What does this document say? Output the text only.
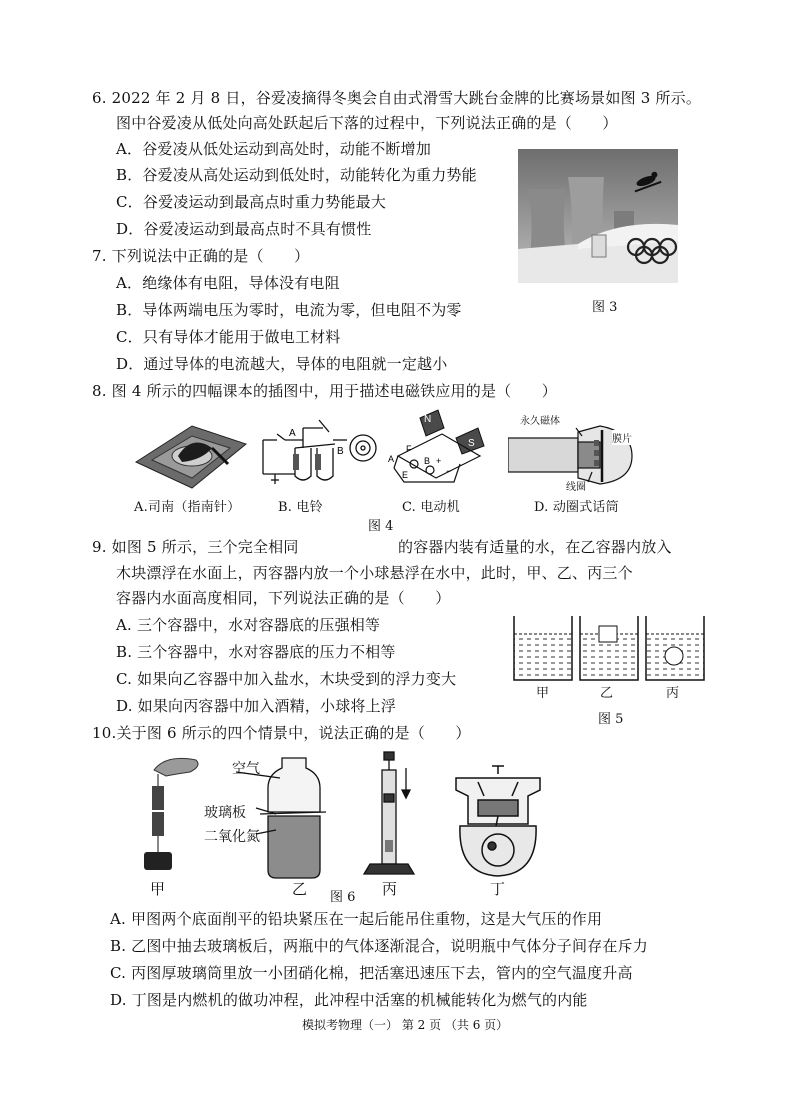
6. 2022 年 2 月 8 日，谷爱凌摘得冬奥会自由式滑雪大跳台金牌的比赛场景如图 3 所示。
图中谷爱凌从低处向高处跃起后下落的过程中，下列说法正确的是（　　）
A．谷爱凌从低处运动到高处时，动能不断增加
B．谷爱凌从高处运动到低处时，动能转化为重力势能
C．谷爱凌运动到最高点时重力势能最大
D．谷爱凌运动到最高点时不具有惯性
图 3
7. 下列说法中正确的是（　　）
A．绝缘体有电阻，导体没有电阻
B．导体两端电压为零时，电流为零，但电阻不为零
C．只有导体才能用于做电工材料
D．通过导体的电流越大，导体的电阻就一定越小
8. 图 4 所示的四幅课本的插图中，用于描述电磁铁应用的是（　　）
A.司南（指南针）
A
B
B. 电铃
N
S
F
A	B
E
+
−
C. 电动机
永久磁体
膜片
线圈
D. 动圈式话筒
图 4
9. 如图 5 所示，三个完全相同	的容器内装有适量的水，在乙容器内放入
木块漂浮在水面上，丙容器内放一个小球悬浮在水中，此时，甲、乙、丙三个
容器内水面高度相同，下列说法正确的是（　　）
A. 三个容器中，水对容器底的压强相等
B. 三个容器中，水对容器底的压力不相等
C. 如果向乙容器中加入盐水，木块受到的浮力变大
D. 如果向丙容器中加入酒精，小球将上浮
甲	乙	丙
图 5
10.关于图 6 所示的四个情景中，说法正确的是（　　）
甲
空气
玻璃板
二氧化氮
乙	丙	丁
图 6
A. 甲图两个底面削平的铅块紧压在一起后能吊住重物，这是大气压的作用
B. 乙图中抽去玻璃板后，两瓶中的气体逐渐混合，说明瓶中气体分子间存在斥力
C. 丙图厚玻璃筒里放一小团硝化棉，把活塞迅速压下去，管内的空气温度升高
D. 丁图是内燃机的做功冲程，此冲程中活塞的机械能转化为燃气的内能
模拟考物理（一） 第 2 页 （共 6 页）
